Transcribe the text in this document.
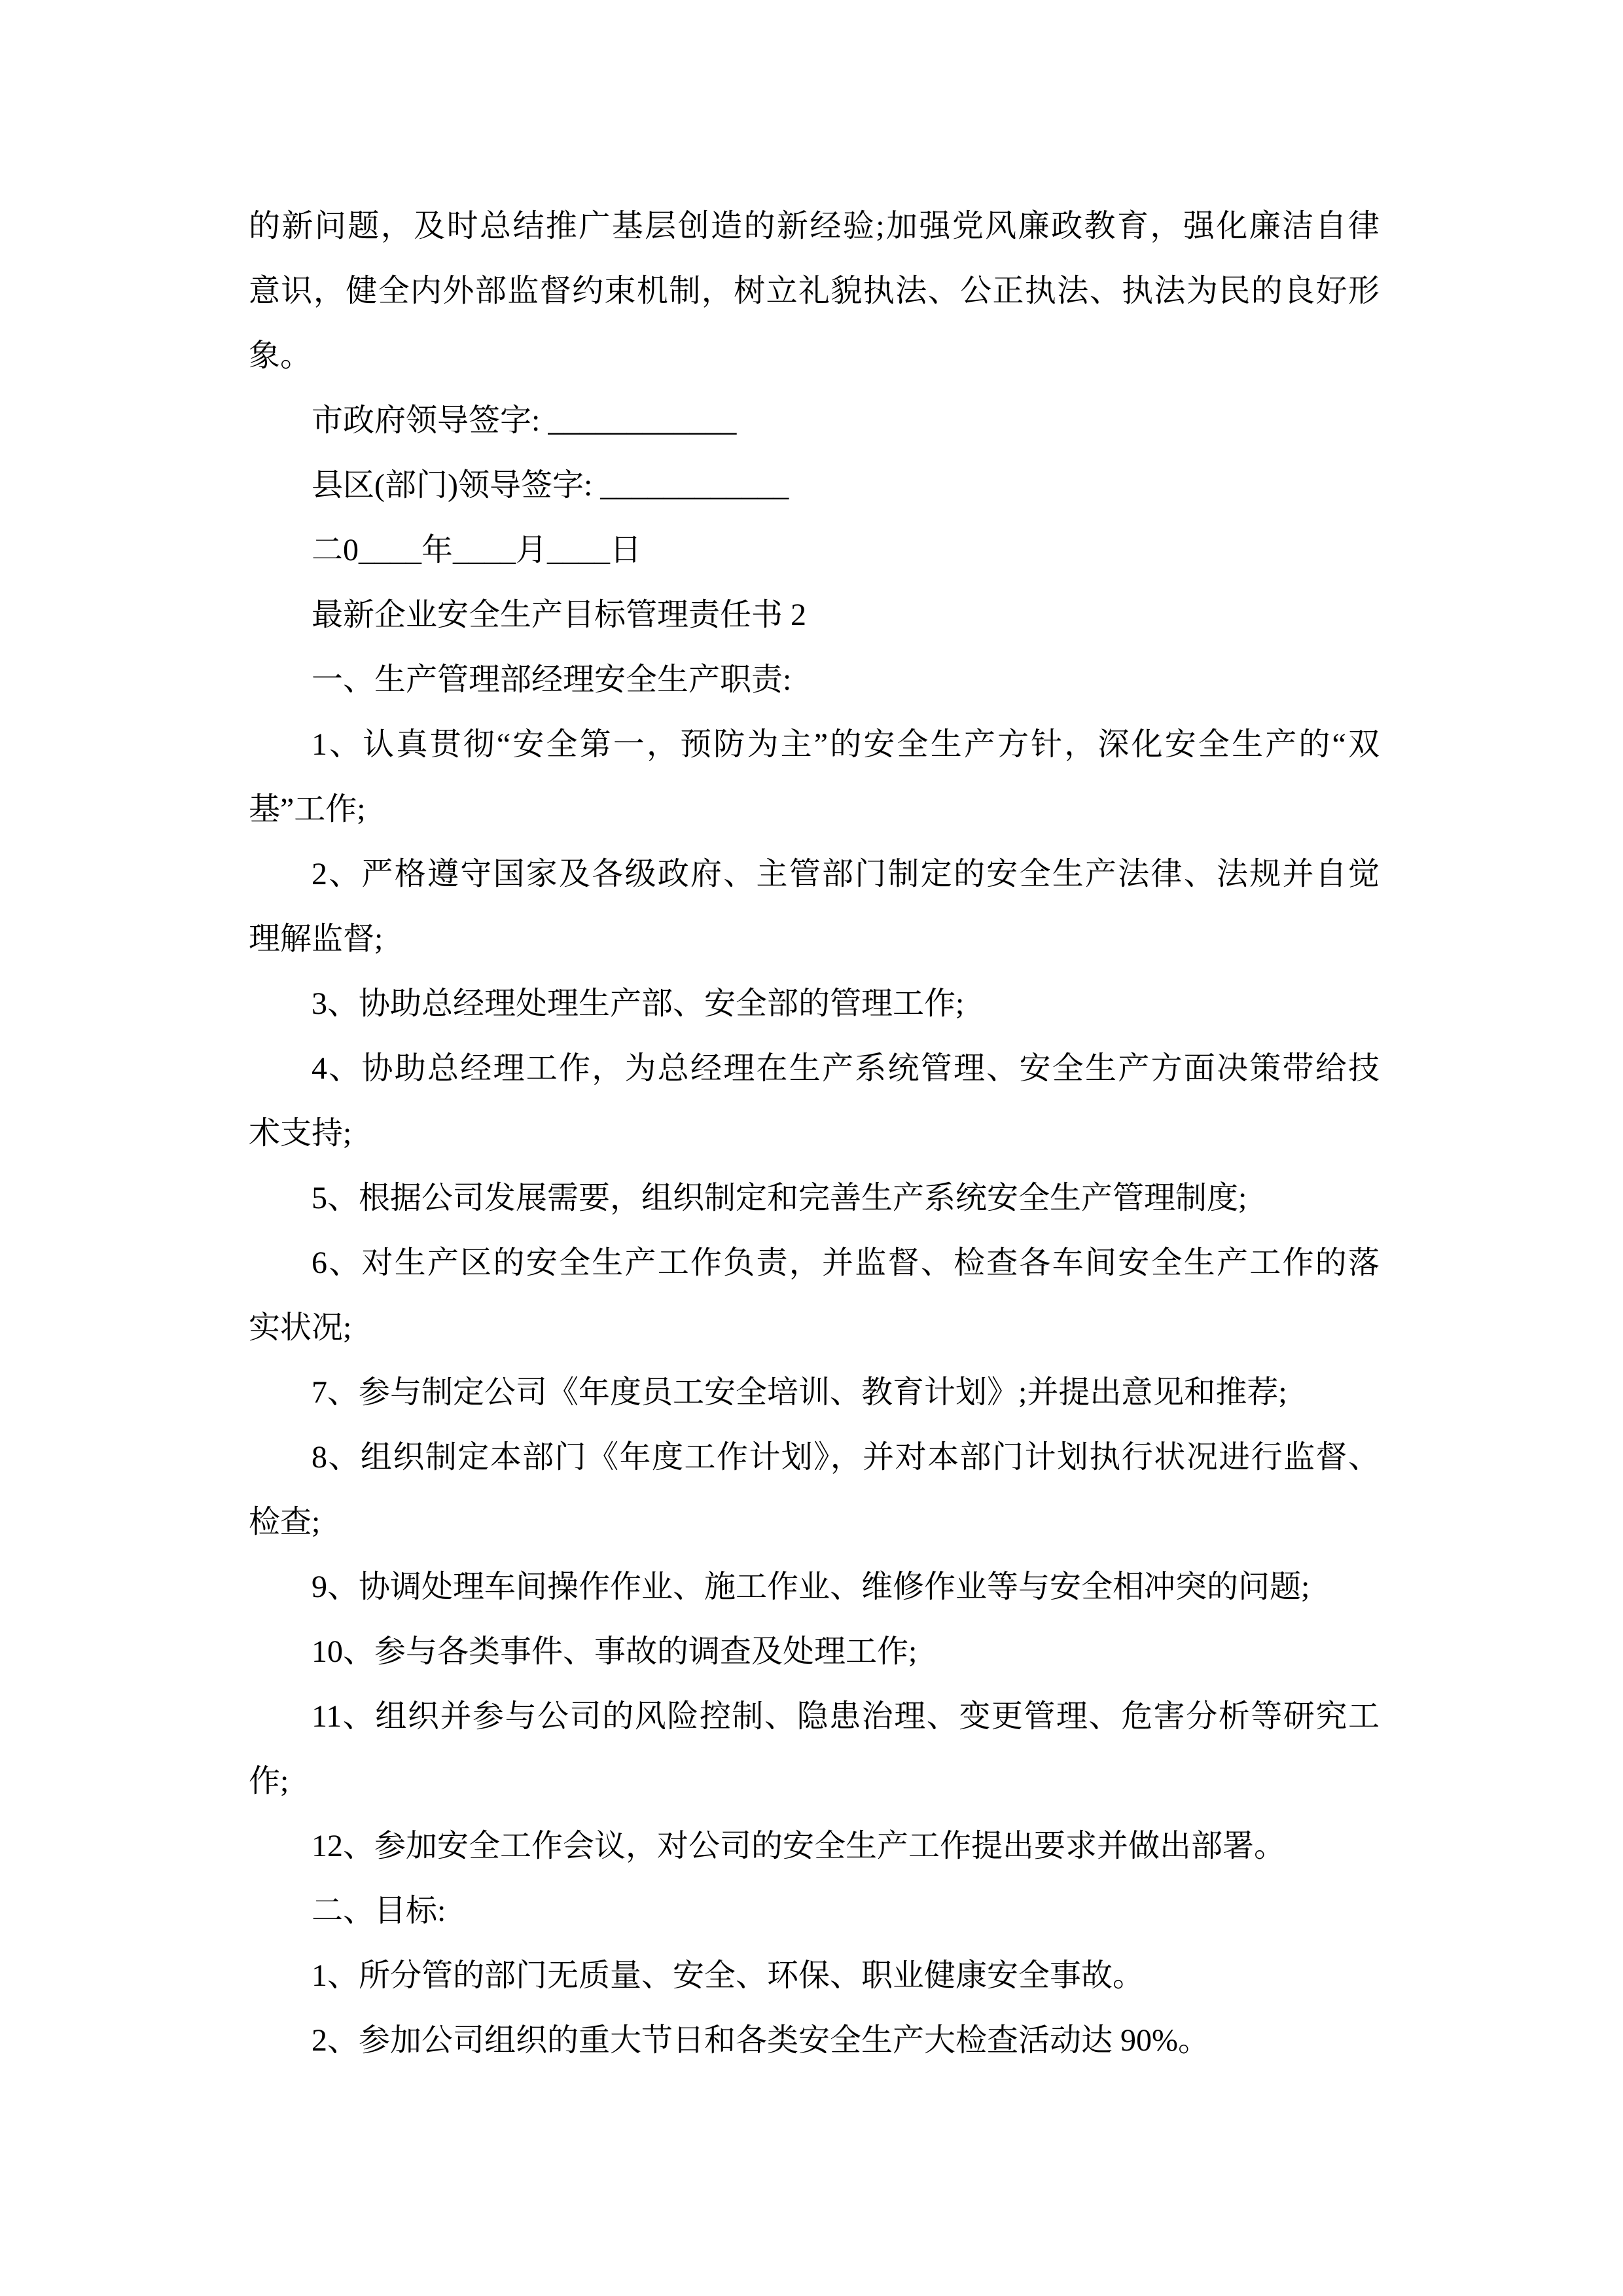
的新问题，及时总结推广基层创造的新经验;加强党风廉政教育，强化廉洁自律
意识，健全内外部监督约束机制，树立礼貌执法、公正执法、执法为民的良好形
象。
市政府领导签字: ____________
县区(部门)领导签字: ____________
二0____年____月____日
最新企业安全生产目标管理责任书 2
一、生产管理部经理安全生产职责:
1、认真贯彻“安全第一，预防为主”的安全生产方针，深化安全生产的“双
基”工作;
2、严格遵守国家及各级政府、主管部门制定的安全生产法律、法规并自觉
理解监督;
3、协助总经理处理生产部、安全部的管理工作;
4、协助总经理工作，为总经理在生产系统管理、安全生产方面决策带给技
术支持;
5、根据公司发展需要，组织制定和完善生产系统安全生产管理制度;
6、对生产区的安全生产工作负责，并监督、检查各车间安全生产工作的落
实状况;
7、参与制定公司《年度员工安全培训、教育计划》;并提出意见和推荐;
8、组织制定本部门《年度工作计划》，并对本部门计划执行状况进行监督、
检查;
9、协调处理车间操作作业、施工作业、维修作业等与安全相冲突的问题;
10、参与各类事件、事故的调查及处理工作;
11、组织并参与公司的风险控制、隐患治理、变更管理、危害分析等研究工
作;
12、参加安全工作会议，对公司的安全生产工作提出要求并做出部署。
二、目标:
1、所分管的部门无质量、安全、环保、职业健康安全事故。
2、参加公司组织的重大节日和各类安全生产大检查活动达 90%。
